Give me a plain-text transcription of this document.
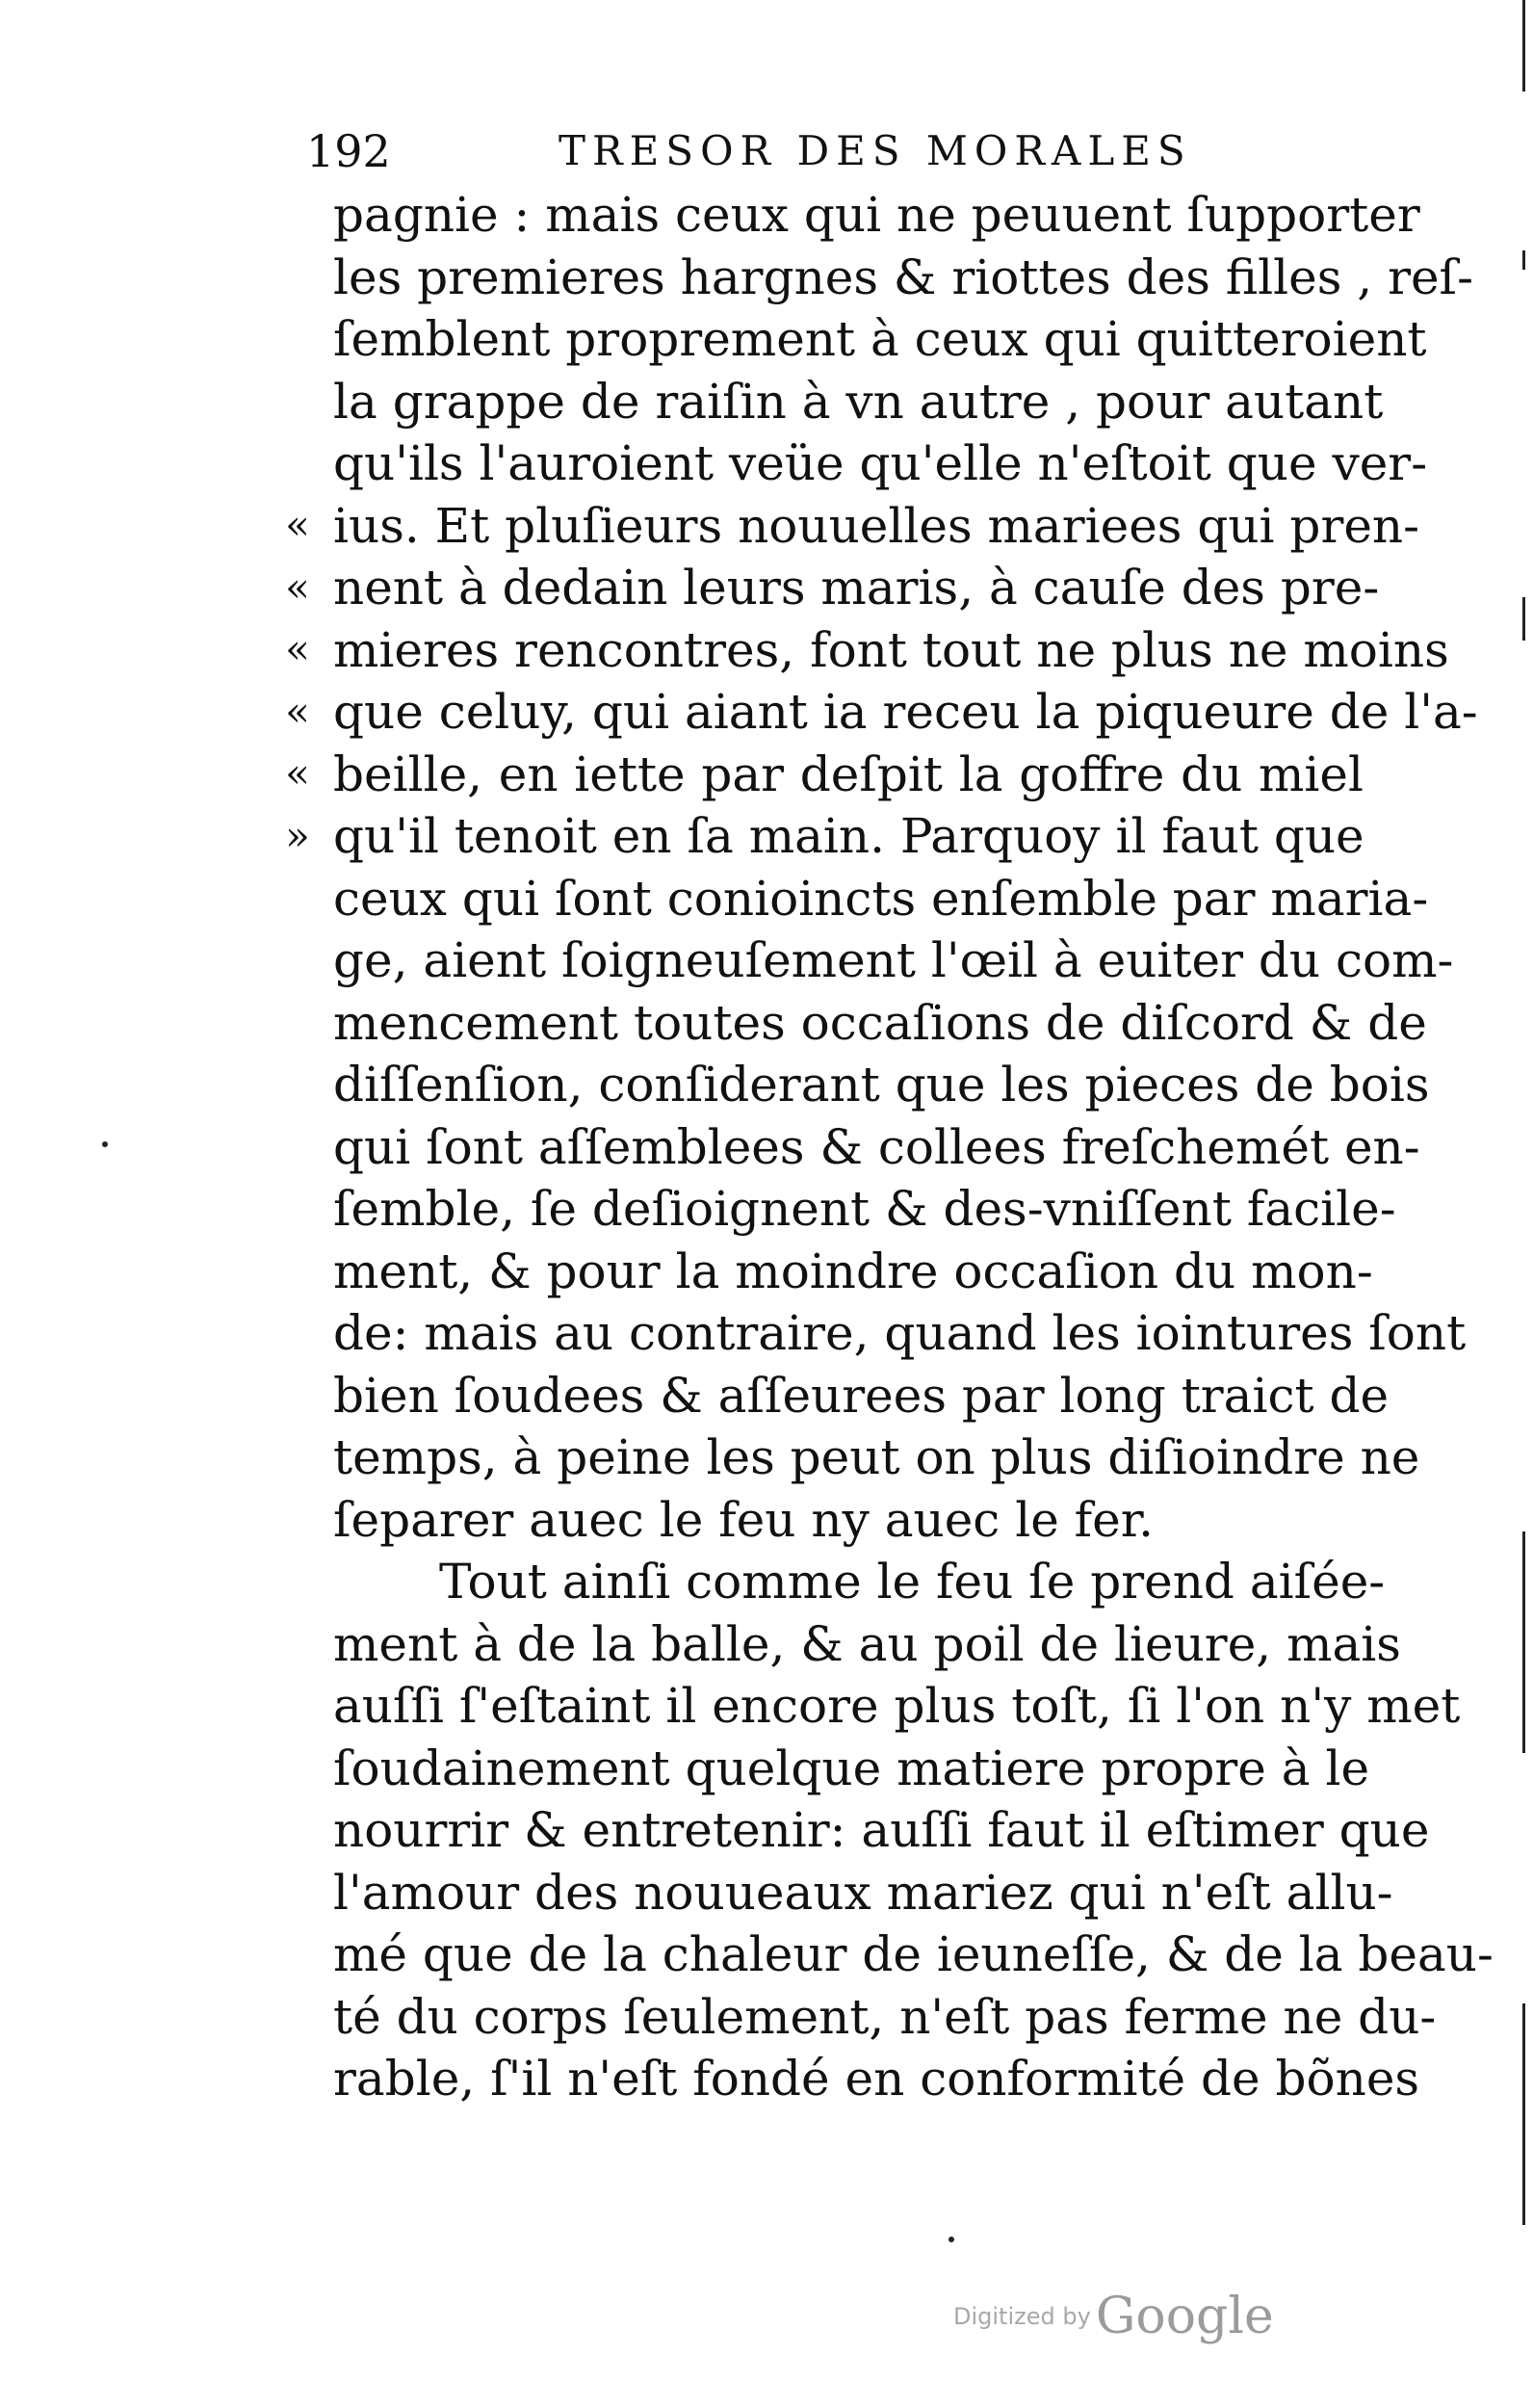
192	TRESOR DES MORALES
«
«
«
«
«
»
pagnie : mais ceux qui ne peuuent ſupporter
les premieres hargnes & riottes des filles , reſ-
ſemblent proprement à ceux qui quitteroient
la grappe de raiſin à vn autre , pour autant
qu'ils l'auroient veüe qu'elle n'eſtoit que ver-
ius. Et pluſieurs nouuelles mariees qui pren-
nent à dedain leurs maris, à cauſe des pre-
mieres rencontres, font tout ne plus ne moins
que celuy, qui aiant ia receu la piqueure de l'a-
beille, en iette par deſpit la goffre du miel
qu'il tenoit en ſa main. Parquoy il faut que
ceux qui ſont conioincts enſemble par maria-
ge, aient ſoigneuſement l'œil à euiter du com-
mencement toutes occaſions de diſcord & de
diſſenſion, conſiderant que les pieces de bois
qui ſont aſſemblees & collees freſchemét en-
ſemble, ſe deſioignent & des-vniſſent facile-
ment, & pour la moindre occaſion du mon-
de: mais au contraire, quand les iointures ſont
bien ſoudees & aſſeurees par long traict de
temps, à peine les peut on plus diſioindre ne
ſeparer auec le feu ny auec le fer.
Tout ainſi comme le feu ſe prend aiſée-
ment à de la balle, & au poil de lieure, mais
auſſi ſ'eſtaint il encore plus toſt, ſi l'on n'y met
ſoudainement quelque matiere propre à le
nourrir & entretenir: auſſi faut il eſtimer que
l'amour des nouueaux mariez qui n'eſt allu-
mé que de la chaleur de ieuneſſe, & de la beau-
té du corps ſeulement, n'eſt pas ferme ne du-
rable, ſ'il n'eſt fondé en conformité de bõnes
Digitized by Google
